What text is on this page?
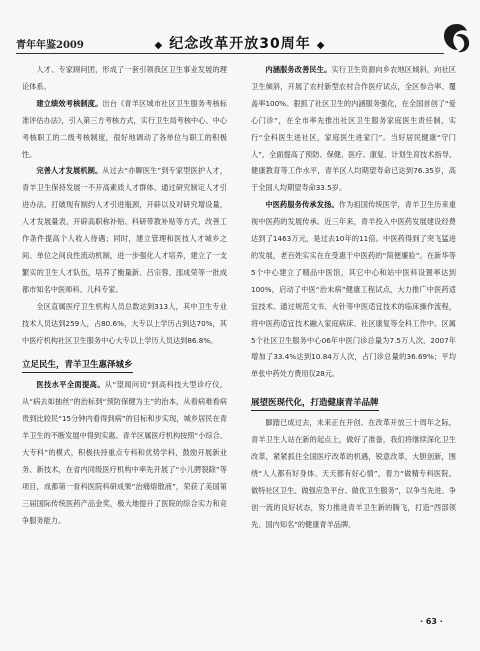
青年年鉴2009	◆ 纪念改革开放30周年 ◆

人才、专家顾问团，形成了一套引领我区卫生事业发展的理论体系。

建立绩效考核制度。出台《青羊区城市社区卫生服务考核标准评估办法》，引入第三方考核方式，实行卫生局考核中心、中心考核职工的二级考核制度，很好地调动了各单位与职工的积极性。

完善人才发展机制。从过去“亦聊医生”到专家型医护人才，青羊卫生保持发展一不开高素质人才群体。通过研究制定人才引进办法，打破现有制约人才引进瓶颈，开辟以及对研究增设量，人才发展量表，开辟高职称补贴、科研带教补贴等方式，改善工作条件提高个人收入待遇；同时，建立管理和医技人才城乡之间、单位之间良性流动机制，进一步强化人才培养，建立了一支繁实的卫生人才队伍，培养了衡量新、吕宗蓉、邵成荣等一批成都市知名中医师科、儿科专家。

全区直属医疗卫生机构人员总数达到313人，其中卫生专业技术人员达到259人，占80.6%，大专以上学历占到达70%，其中医疗机构社区卫生服务中心大专以上学历人员达到86.8%。

立足民生，青羊卫生惠泽城乡

医技水平全面提高。从“望闻问切”到高科技大型诊疗仪，从“病去如抽丝”的治标到“预防保健为主”的治本，从看病难看病贵到比较民“15分钟内看得到病”的目标和步实现，城乡居民在青羊卫生的不断发展中得到实惠。青羊区属医疗机构按照“小综合、大专科”的模式，积极扶持重点专科和优势学科，鼓励开展新业务、新技术，在省内同级医疗机构中率先开展了“小儿腭裂除”等项目，成都第一骨科医院科研成果“治痛熔散液”，荣获了美国第三届国际传统医药产品金奖，极大地提升了医院的综合实力和竞争服务能力。

内涵服务改善民生。实行卫生资源向乡农地区倾斜，向社区卫生倾斜，开展了农村新型农村合作医疗试点，全区参合率、覆盖率100%。狠抓了社区卫生的内涵服务强化，在全国首创了“爱心门诊”，在全市率先推出社区卫生服务家庭医生责任制，实行“全科医生进社区，家庭医生进家门”。当好居民健康“守门人”，全面提高了预防、保健、医疗、康复、计划生育技术指导、健康教育等工作水平，青羊区人均期望寿命已达到76.35岁，高于全国人均期望寿命33.5岁。

中医药服务传承发扬。作为祖国传统医学，青羊卫生历来重视中医药的发展传承。近三年来，青羊投入中医药发展建设经费达到了1463万元，是过去10年的11倍。中医药得到了突飞猛进的发展，老百姓实实在在受惠于中医药的“简便廉验”。在新华等5个中心建立了精品中医馆，其它中心和站中医科设置率达到100%，启动了中医“治未病”健康工程试点，大力推广中医药适宜技术。通过规范文书、火针等中医适宜技术的临床操作流程，将中医药适宜技术融入家庭病床、社区康复等全科工作中。区属5个社区卫生服务中心06年中医门诊总量为7.5万人次，2007年增加了33.4%达到10.84万人次，占门诊总量的36.69%；平均单张中药处方费用仅28元。

展望医现代化，打造健康青羊品牌

脚踏已成过去，未来正在开创。在改革开放三十周年之际，青羊卫生人站在新的起点上，做好了准备，我们将继续深化卫生改革，紧紧抓住全国医疗改革的机遇，锐意改革，大胆创新，围绕“人人都有好身体、天天都有好心情”，着力“做精专科医院、做特社区卫生、做强应急平台、做优卫生服务”，以争当先进、争创一流的良好状态，努力推进青羊卫生新的腾飞，打造“西部领先、国内知名”的健康青羊品牌。

· 63 ·
